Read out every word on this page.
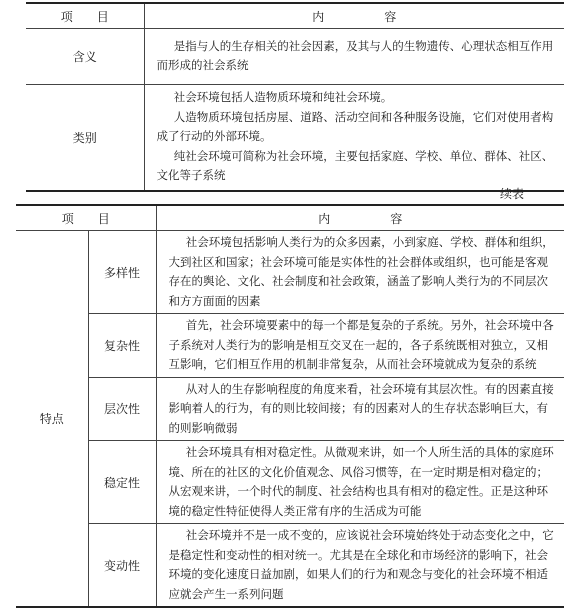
项　　目	内　　　　　容
含义	是指与人的生存相关的社会因素，及其与人的生物遗传、心理状态相互作用而形成的社会系统

类别	社会环境包括人造物质环境和纯社会环境。

人造物质环境包括房屋、道路、活动空间和各种服务设施，它们对使用者构成了行动的外部环境。

纯社会环境可简称为社会环境，主要包括家庭、学校、单位、群体、社区、文化等子系统

续表
项　　目		内　　　　　容
特点	多样性	社会环境包括影响人类行为的众多因素，小到家庭、学校、群体和组织，大到社区和国家；社会环境可能是实体性的社会群体或组织，也可能是客观存在的舆论、文化、社会制度和社会政策，涵盖了影响人类行为的不同层次和方方面面的因素

	复杂性	首先，社会环境要素中的每一个都是复杂的子系统。另外，社会环境中各子系统对人类行为的影响是相互交叉在一起的，各子系统既相对独立，又相互影响，它们相互作用的机制非常复杂，从而社会环境就成为复杂的系统

	层次性	从对人的生存影响程度的角度来看，社会环境有其层次性。有的因素直接影响着人的行为，有的则比较间接；有的因素对人的生存状态影响巨大，有的则影响微弱

	稳定性	社会环境具有相对稳定性。从微观来讲，如一个人所生活的具体的家庭环境、所在的社区的文化价值观念、风俗习惯等，在一定时期是相对稳定的；从宏观来讲，一个时代的制度、社会结构也具有相对的稳定性。正是这种环境的稳定性特征使得人类正常有序的生活成为可能

	变动性	社会环境并不是一成不变的，应该说社会环境始终处于动态变化之中，它是稳定性和变动性的相对统一。尤其是在全球化和市场经济的影响下，社会环境的变化速度日益加剧，如果人们的行为和观念与变化的社会环境不相适应就会产生一系列问题
